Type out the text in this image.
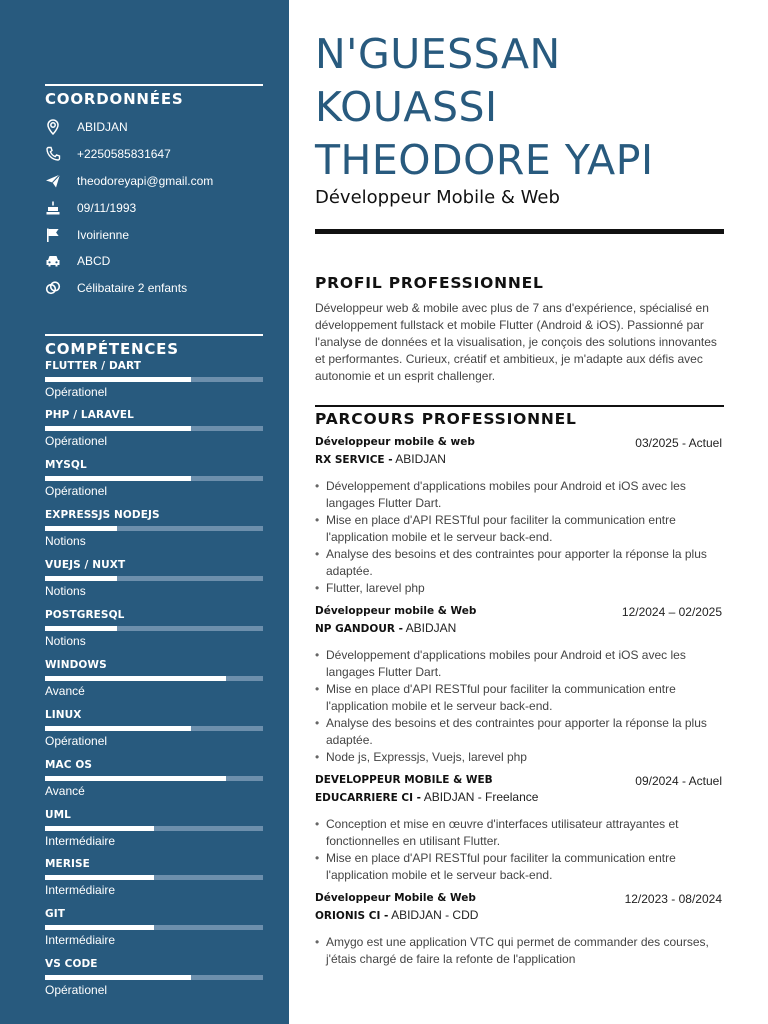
COORDONNÉES
ABIDJAN
+2250585831647
theodoreyapi@gmail.com
09/11/1993
Ivoirienne
ABCD
Célibataire 2 enfants
COMPÉTENCES
FLUTTER / DART
Opérationel
PHP / LARAVEL
Opérationel
MYSQL
Opérationel
EXPRESSJS NODEJS
Notions
VUEJS / NUXT
Notions
POSTGRESQL
Notions
WINDOWS
Avancé
LINUX
Opérationel
MAC OS
Avancé
UML
Intermédiaire
MERISE
Intermédiaire
GIT
Intermédiaire
VS CODE
Opérationel
N'GUESSAN
KOUASSI
THEODORE YAPI
Développeur Mobile & Web
PROFIL PROFESSIONNEL

Développeur web & mobile avec plus de 7 ans d'expérience, spécialisé en développement fullstack et mobile Flutter (Android & iOS). Passionné par l'analyse de données et la visualisation, je conçois des solutions innovantes et performantes. Curieux, créatif et ambitieux, je m'adapte aux défis avec autonomie et un esprit challenger.

PARCOURS PROFESSIONNEL
Développeur mobile & web	03/2025 - Actuel
RX SERVICE - ABIDJAN
• Développement d'applications mobiles pour Android et iOS avec les langages Flutter Dart.
• Mise en place d'API RESTful pour faciliter la communication entre l'application mobile et le serveur back-end.
• Analyse des besoins et des contraintes pour apporter la réponse la plus adaptée.
• Flutter, larevel php
Développeur mobile & Web	12/2024 – 02/2025
NP GANDOUR - ABIDJAN
• Développement d'applications mobiles pour Android et iOS avec les langages Flutter Dart.
• Mise en place d'API RESTful pour faciliter la communication entre l'application mobile et le serveur back-end.
• Analyse des besoins et des contraintes pour apporter la réponse la plus adaptée.
• Node js, Expressjs, Vuejs, larevel php
DEVELOPPEUR MOBILE & WEB	09/2024 - Actuel
EDUCARRIERE CI - ABIDJAN - Freelance
• Conception et mise en œuvre d'interfaces utilisateur attrayantes et fonctionnelles en utilisant Flutter.
• Mise en place d'API RESTful pour faciliter la communication entre l'application mobile et le serveur back-end.
Développeur Mobile & Web	12/2023 - 08/2024
ORIONIS CI - ABIDJAN - CDD
• Amygo est une application VTC qui permet de commander des courses, j'étais chargé de faire la refonte de l'application
